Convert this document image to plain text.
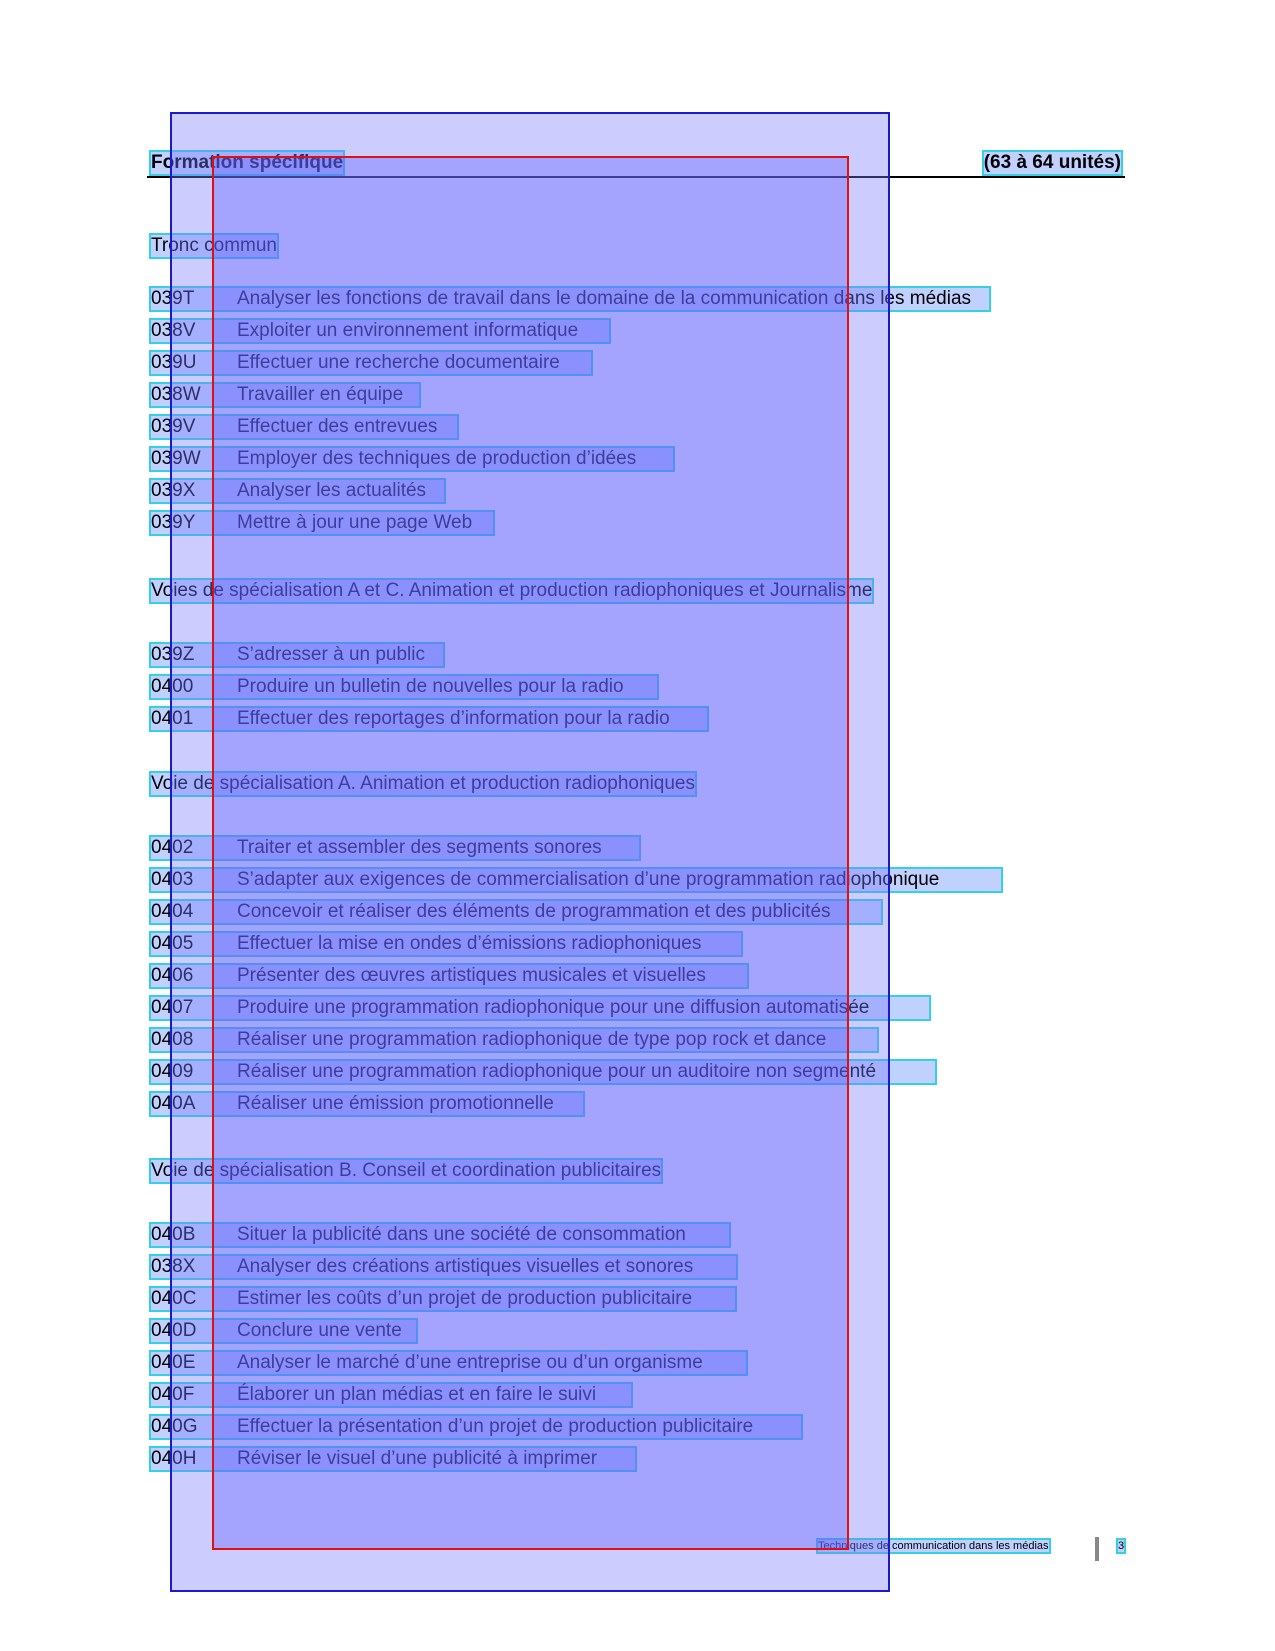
Formation spécifique	(63 à 64 unités)
Tronc commun
039T	Analyser les fonctions de travail dans le domaine de la communication dans les médias
038V	Exploiter un environnement informatique
039U	Effectuer une recherche documentaire
038W	Travailler en équipe
039V	Effectuer des entrevues
039W	Employer des techniques de production d’idées
039X	Analyser les actualités
039Y	Mettre à jour une page Web
Voies de spécialisation A et C. Animation et production radiophoniques et Journalisme
039Z	S’adresser à un public
0400	Produire un bulletin de nouvelles pour la radio
0401	Effectuer des reportages d’information pour la radio
Voie de spécialisation A. Animation et production radiophoniques
0402	Traiter et assembler des segments sonores
0403	S’adapter aux exigences de commercialisation d’une programmation radiophonique
0404	Concevoir et réaliser des éléments de programmation et des publicités
0405	Effectuer la mise en ondes d’émissions radiophoniques
0406	Présenter des œuvres artistiques musicales et visuelles
0407	Produire une programmation radiophonique pour une diffusion automatisée
0408	Réaliser une programmation radiophonique de type pop rock et dance
0409	Réaliser une programmation radiophonique pour un auditoire non segmenté
040A	Réaliser une émission promotionnelle
Voie de spécialisation B. Conseil et coordination publicitaires
040B	Situer la publicité dans une société de consommation
038X	Analyser des créations artistiques visuelles et sonores
040C	Estimer les coûts d’un projet de production publicitaire
040D	Conclure une vente
040E	Analyser le marché d’une entreprise ou d’un organisme
040F	Élaborer un plan médias et en faire le suivi
040G	Effectuer la présentation d’un projet de production publicitaire
040H	Réviser le visuel d’une publicité à imprimer
Techniques de communication dans les médias	3
